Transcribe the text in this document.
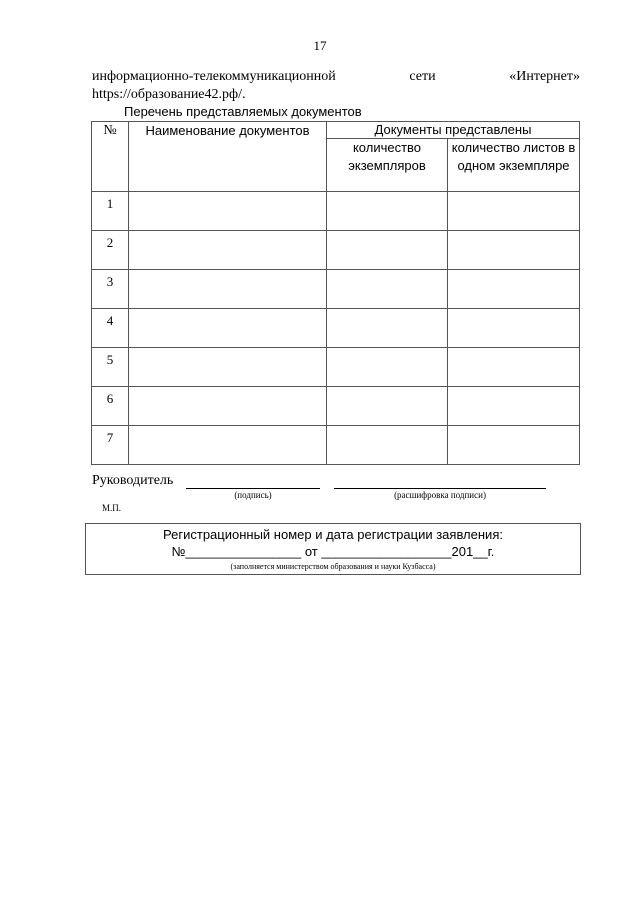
17
информационно-телекоммуникационной	сети	«Интернет»
https://образование42.рф/.
Перечень представляемых документов
№	Наименование документов	Документы представлены	
		количество экземпляров	количество листов в одном экземпляре
1			
2			
3			
4			
5			
6			
7			
Руководитель
(подпись)	(расшифровка подписи)
М.П.
Регистрационный номер и дата регистрации заявления:
№________________ от __________________201__г.
(заполняется министерством образования и науки Кузбасса)
